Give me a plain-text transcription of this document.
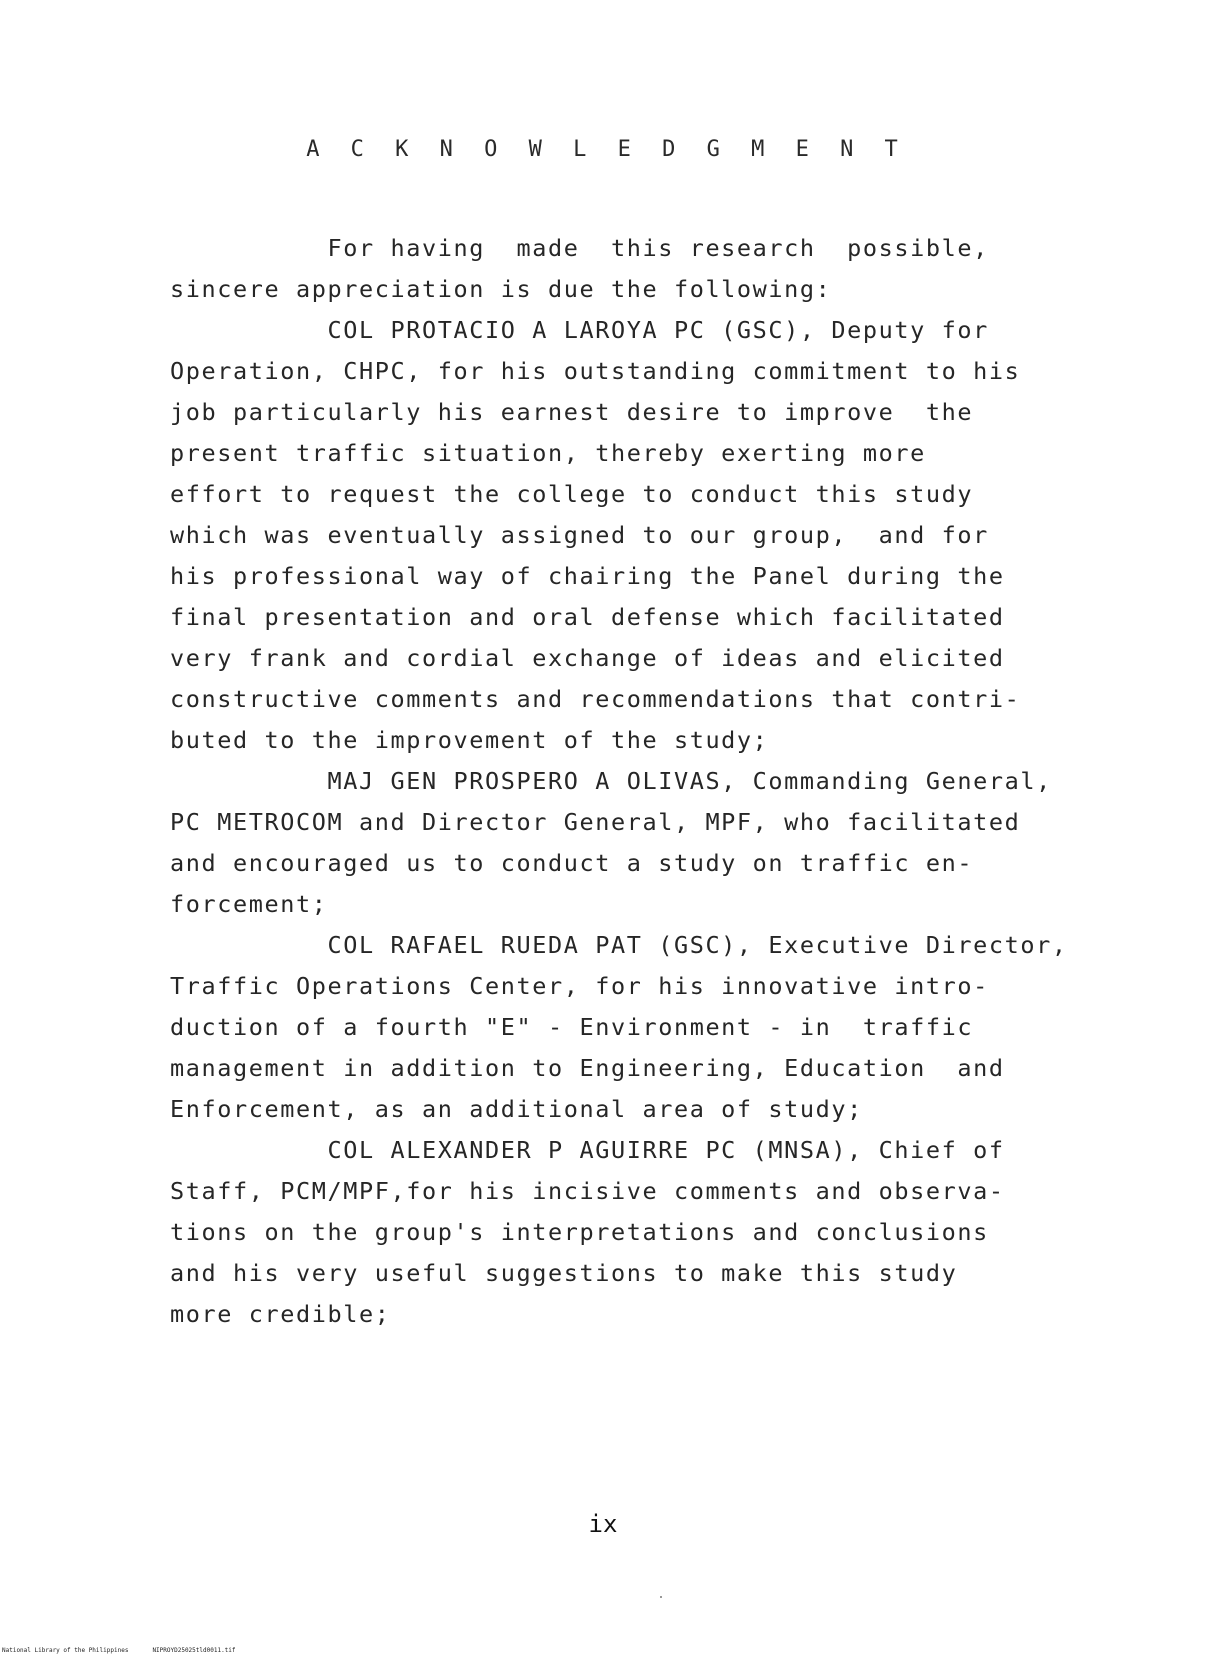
A C K N O W L E D G M E N T
For having  made  this research  possible,
sincere appreciation is due the following:
COL PROTACIO A LAROYA PC (GSC), Deputy for
Operation, CHPC, for his outstanding commitment to his
job particularly his earnest desire to improve  the
present traffic situation, thereby exerting more
effort to request the college to conduct this study
which was eventually assigned to our group,  and for
his professional way of chairing the Panel during the
final presentation and oral defense which facilitated
very frank and cordial exchange of ideas and elicited
constructive comments and recommendations that contri-
buted to the improvement of the study;
MAJ GEN PROSPERO A OLIVAS, Commanding General,
PC METROCOM and Director General, MPF, who facilitated
and encouraged us to conduct a study on traffic en-
forcement;
COL RAFAEL RUEDA PAT (GSC), Executive Director,
Traffic Operations Center, for his innovative intro-
duction of a fourth "E" - Environment - in  traffic
management in addition to Engineering, Education  and
Enforcement, as an additional area of study;
COL ALEXANDER P AGUIRRE PC (MNSA), Chief of
Staff, PCM/MPF,for his incisive comments and observa-
tions on the group's interpretations and conclusions
and his very useful suggestions to make this study
more credible;
ix
National Library of the Philippines	NIPROYD25025tld0011.tif
